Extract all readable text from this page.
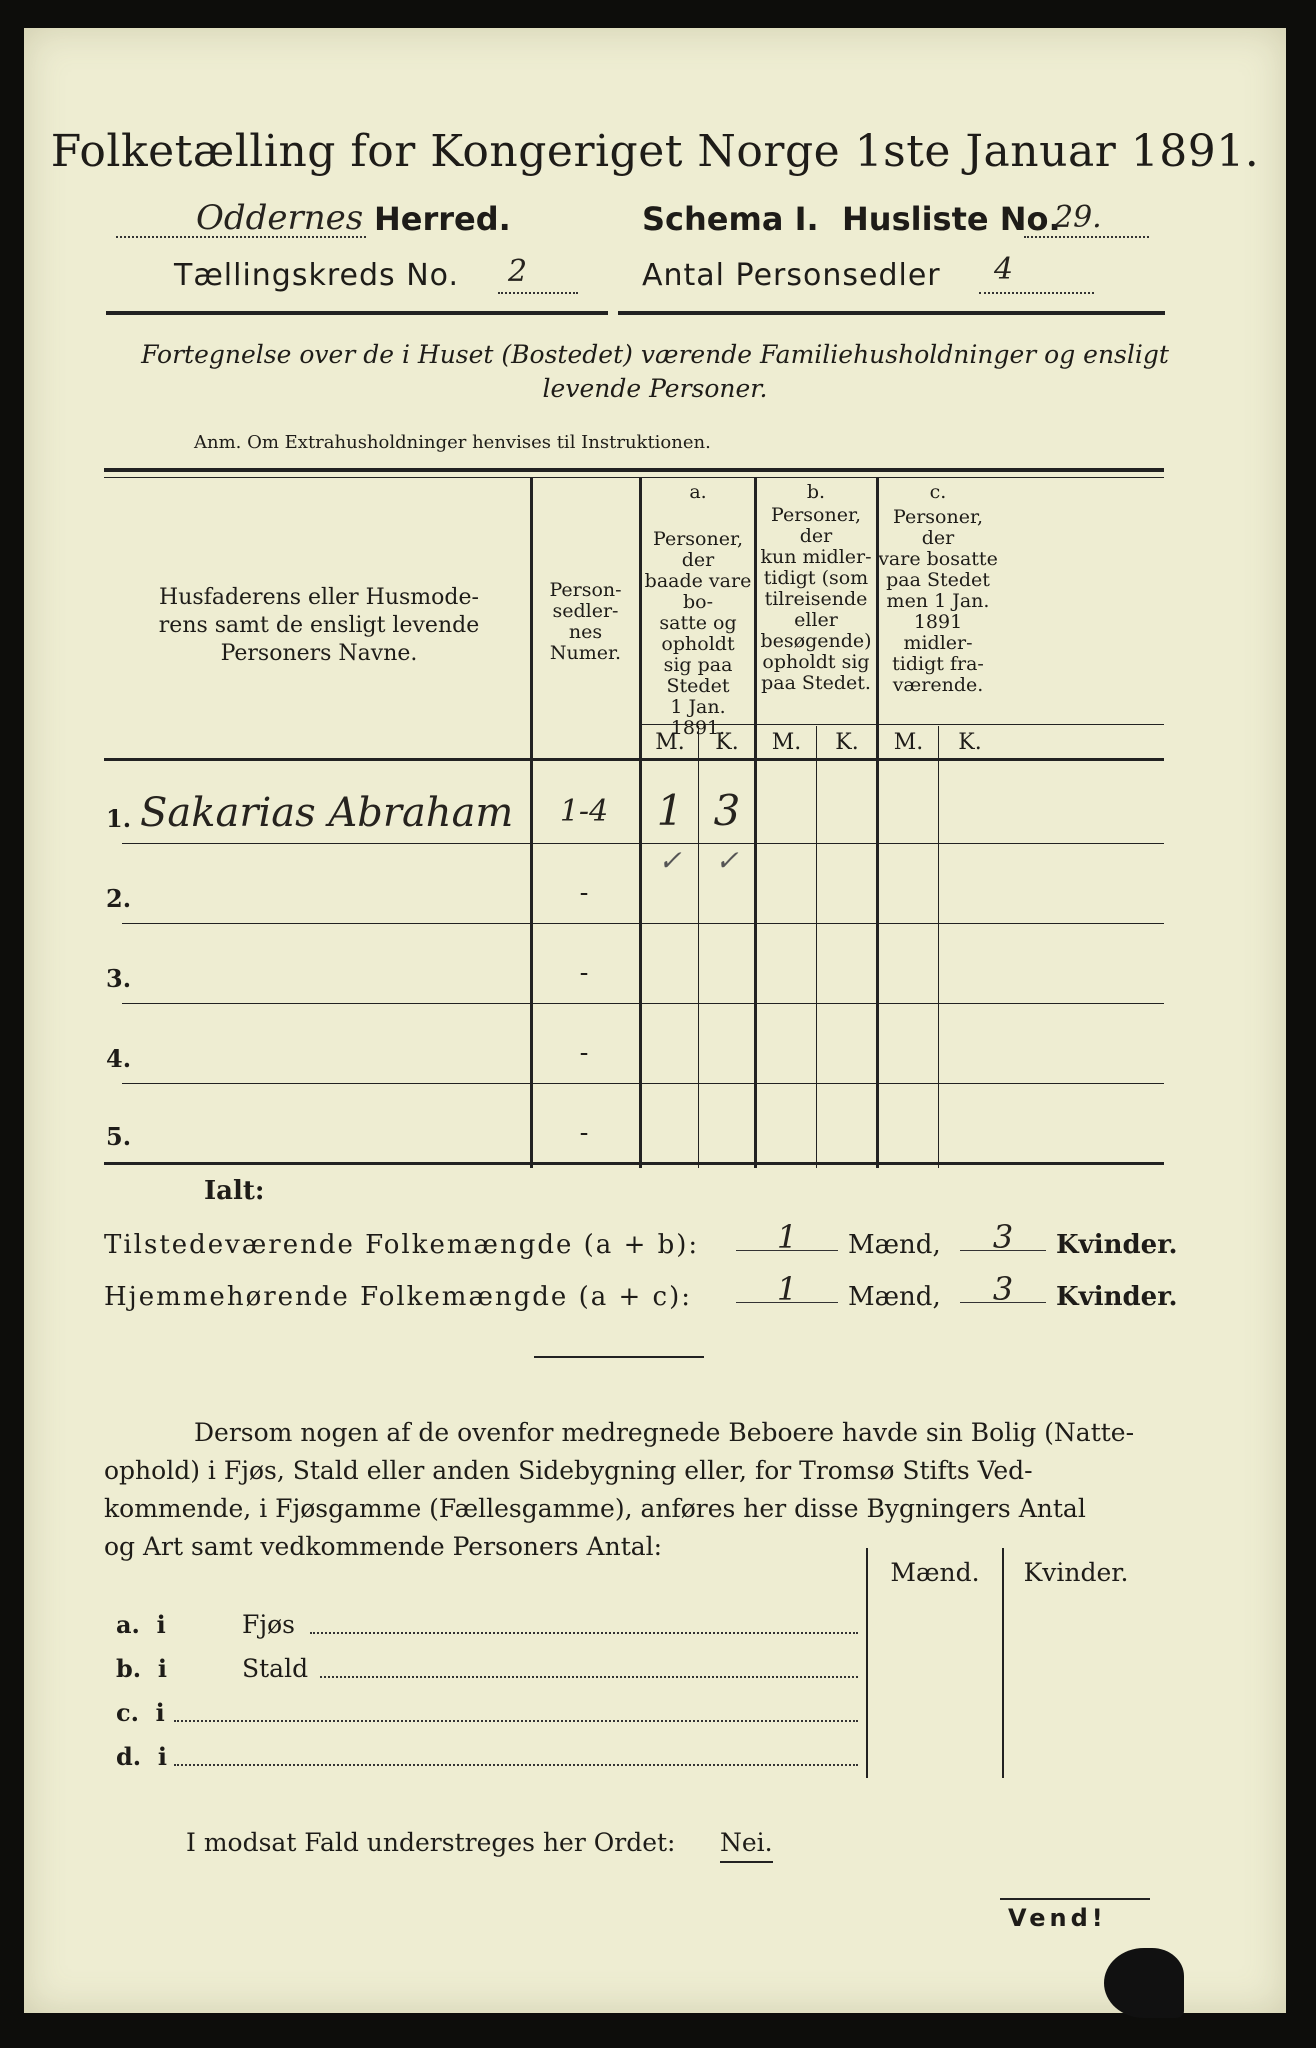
Folketælling for Kongeriget Norge 1ste Januar 1891.
Oddernes Herred.	Schema I. Husliste No.
29.
Tællingskreds No. 2	Antal Personsedler 4
Fortegnelse over de i Huset (Bostedet) værende Familiehusholdninger og ensligt
levende Personer.
Anm. Om Extrahusholdninger henvises til Instruktionen.
Husfaderens eller Husmode-
rens samt de ensligt levende
Personers Navne.
Person-
sedler-
nes
Numer.
a.
Personer, der
baade vare bo-
satte og opholdt
sig paa Stedet
1 Jan. 1891.
b.
Personer, der
kun midler-
tidigt (som
tilreisende
eller
besøgende)
opholdt sig
paa Stedet.
c.
Personer, der
vare bosatte
paa Stedet
men 1 Jan.
1891 midler-
tidigt fra-
værende.
M.	K.	M.	K.	M.	K.
1. Sakarias Abraham	1-4	1 3
✓	✓
2.	-
3.	-
4.	-
5.	-
Ialt:
Tilstedeværende Folkemængde (a + b):	1	Mænd,	3	Kvinder.
Hjemmehørende Folkemængde (a + c):	1	Mænd,	3	Kvinder.
Dersom nogen af de ovenfor medregnede Beboere havde sin Bolig (Natte-
ophold) i Fjøs, Stald eller anden Sidebygning eller, for Tromsø Stifts Ved-
kommende, i Fjøsgamme (Fællesgamme), anføres her disse Bygningers Antal
og Art samt vedkommende Personers Antal:
Mænd.	Kvinder.
a.  i	Fjøs
b.  i	Stald
c.  i
d.  i
I modsat Fald understreges her Ordet: Nei.
Vend!
